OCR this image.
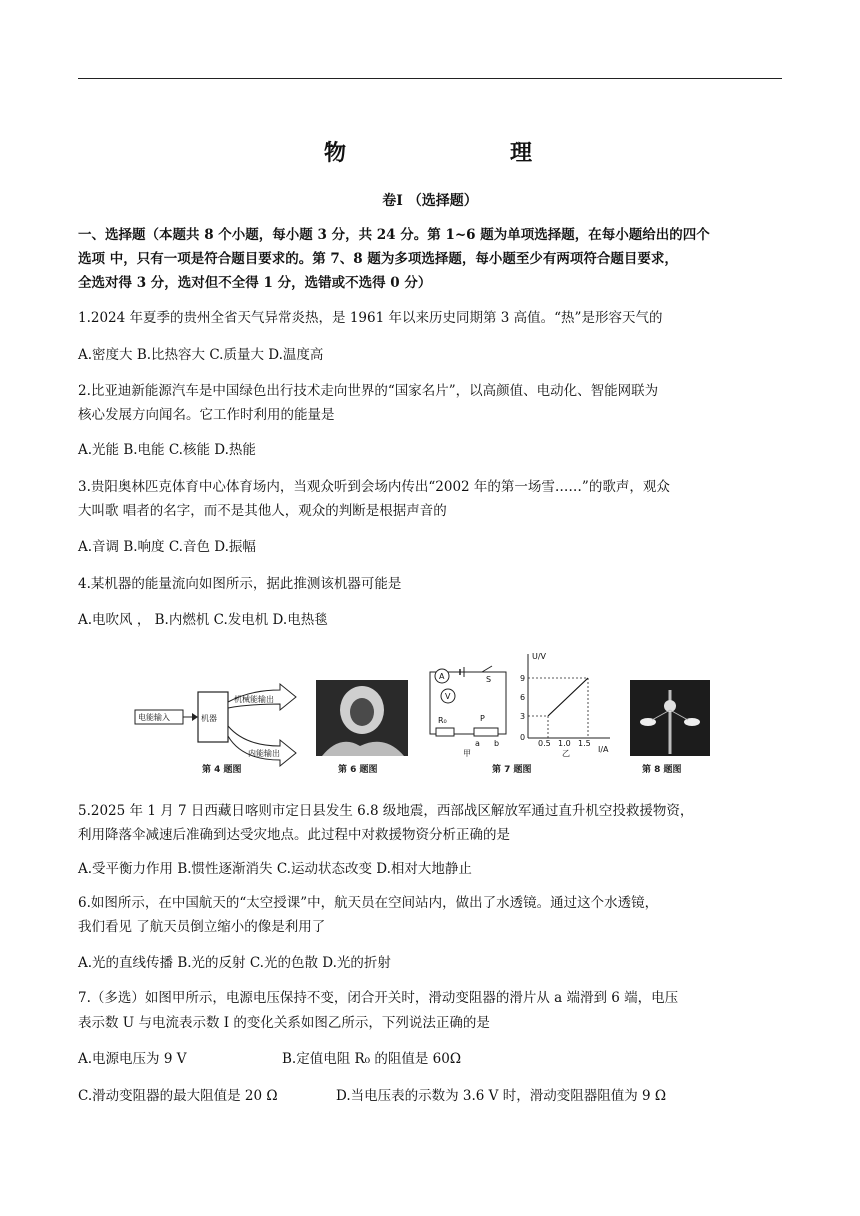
物	理
卷Ⅰ （选择题）
一、选择题（本题共 8 个小题，每小题 3 分，共 24 分。第 1~6 题为单项选择题，在每小题给出的四个
选项 中，只有一项是符合题目要求的。第 7、8 题为多项选择题，每小题至少有两项符合题目要求，
全选对得 3 分，选对但不全得 1 分，选错或不选得 0 分）
1.2024 年夏季的贵州全省天气异常炎热，是 1961 年以来历史同期第 3 高值。“热”是形容天气的
A.密度大 B.比热容大 C.质量大 D.温度高
2.比亚迪新能源汽车是中国绿色出行技术走向世界的“国家名片”，以高颜值、电动化、智能网联为
核心发展方向闻名。它工作时利用的能量是
A.光能 B.电能 C.核能 D.热能
3.贵阳奥林匹克体育中心体育场内，当观众听到会场内传出“2002 年的第一场雪……”的歌声，观众
大叫歌 唱者的名字，而不是其他人，观众的判断是根据声音的
A.音调 B.响度 C.音色 D.振幅
4.某机器的能量流向如图所示，据此推测该机器可能是
A.电吹风 ， B.内燃机 C.发电机 D.电热毯
电能输入	机器
机械能输出
内能输出
第 4 题图	第 6 题图
A
V
S
R₀	P
a b
甲
U/V
I/A
9
6
3
0
0.5 1.0 1.5
乙
第 7 题图	第 8 题图
5.2025 年 1 月 7 日西藏日喀则市定日县发生 6.8 级地震，西部战区解放军通过直升机空投救援物资，
利用降落伞减速后准确到达受灾地点。此过程中对救援物资分析正确的是
A.受平衡力作用 B.惯性逐渐消失 C.运动状态改变 D.相对大地静止
6.如图所示，在中国航天的“太空授课”中，航天员在空间站内，做出了水透镜。通过这个水透镜，
我们看见 了航天员倒立缩小的像是利用了
A.光的直线传播 B.光的反射 C.光的色散 D.光的折射
7.（多选）如图甲所示，电源电压保持不变，闭合开关时，滑动变阻器的滑片从 a 端滑到 6 端，电压
表示数 U 与电流表示数 I 的变化关系如图乙所示，下列说法正确的是
A.电源电压为 9 V	B.定值电阻 R₀ 的阻值是 60Ω
C.滑动变阻器的最大阻值是 20 Ω	D.当电压表的示数为 3.6 V 时，滑动变阻器阻值为 9 Ω
